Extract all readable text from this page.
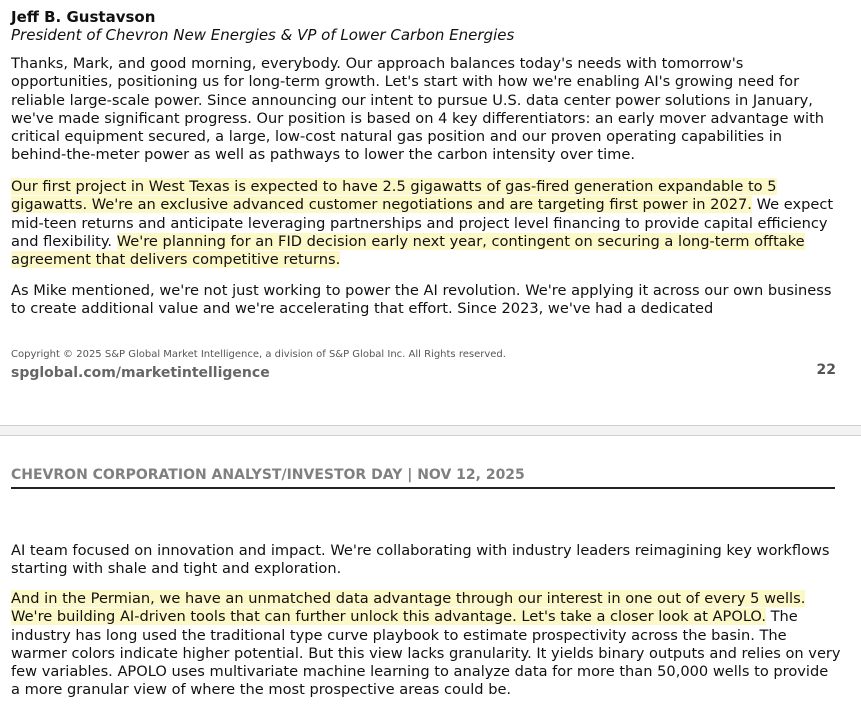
Jeff B. Gustavson
President of Chevron New Energies & VP of Lower Carbon Energies

Thanks, Mark, and good morning, everybody. Our approach balances today's needs with tomorrow's opportunities, positioning us for long-term growth. Let's start with how we're enabling AI's growing need for reliable large-scale power. Since announcing our intent to pursue U.S. data center power solutions in January, we've made significant progress. Our position is based on 4 key differentiators: an early mover advantage with critical equipment secured, a large, low-cost natural gas position and our proven operating capabilities in behind-the-meter power as well as pathways to lower the carbon intensity over time.

Our first project in West Texas is expected to have 2.5 gigawatts of gas-fired generation expandable to 5 gigawatts. We're an exclusive advanced customer negotiations and are targeting first power in 2027. We expect mid-teen returns and anticipate leveraging partnerships and project level financing to provide capital efficiency and flexibility. We're planning for an FID decision early next year, contingent on securing a long-term offtake agreement that delivers competitive returns.

As Mike mentioned, we're not just working to power the AI revolution. We're applying it across our own business to create additional value and we're accelerating that effort. Since 2023, we've had a dedicated

Copyright © 2025 S&P Global Market Intelligence, a division of S&P Global Inc. All Rights reserved.
spglobal.com/marketintelligence	22
CHEVRON CORPORATION ANALYST/INVESTOR DAY | NOV 12, 2025

AI team focused on innovation and impact. We're collaborating with industry leaders reimagining key workflows starting with shale and tight and exploration.

And in the Permian, we have an unmatched data advantage through our interest in one out of every 5 wells. We're building AI-driven tools that can further unlock this advantage. Let's take a closer look at APOLO. The industry has long used the traditional type curve playbook to estimate prospectivity across the basin. The warmer colors indicate higher potential. But this view lacks granularity. It yields binary outputs and relies on very few variables. APOLO uses multivariate machine learning to analyze data for more than 50,000 wells to provide a more granular view of where the most prospective areas could be.
